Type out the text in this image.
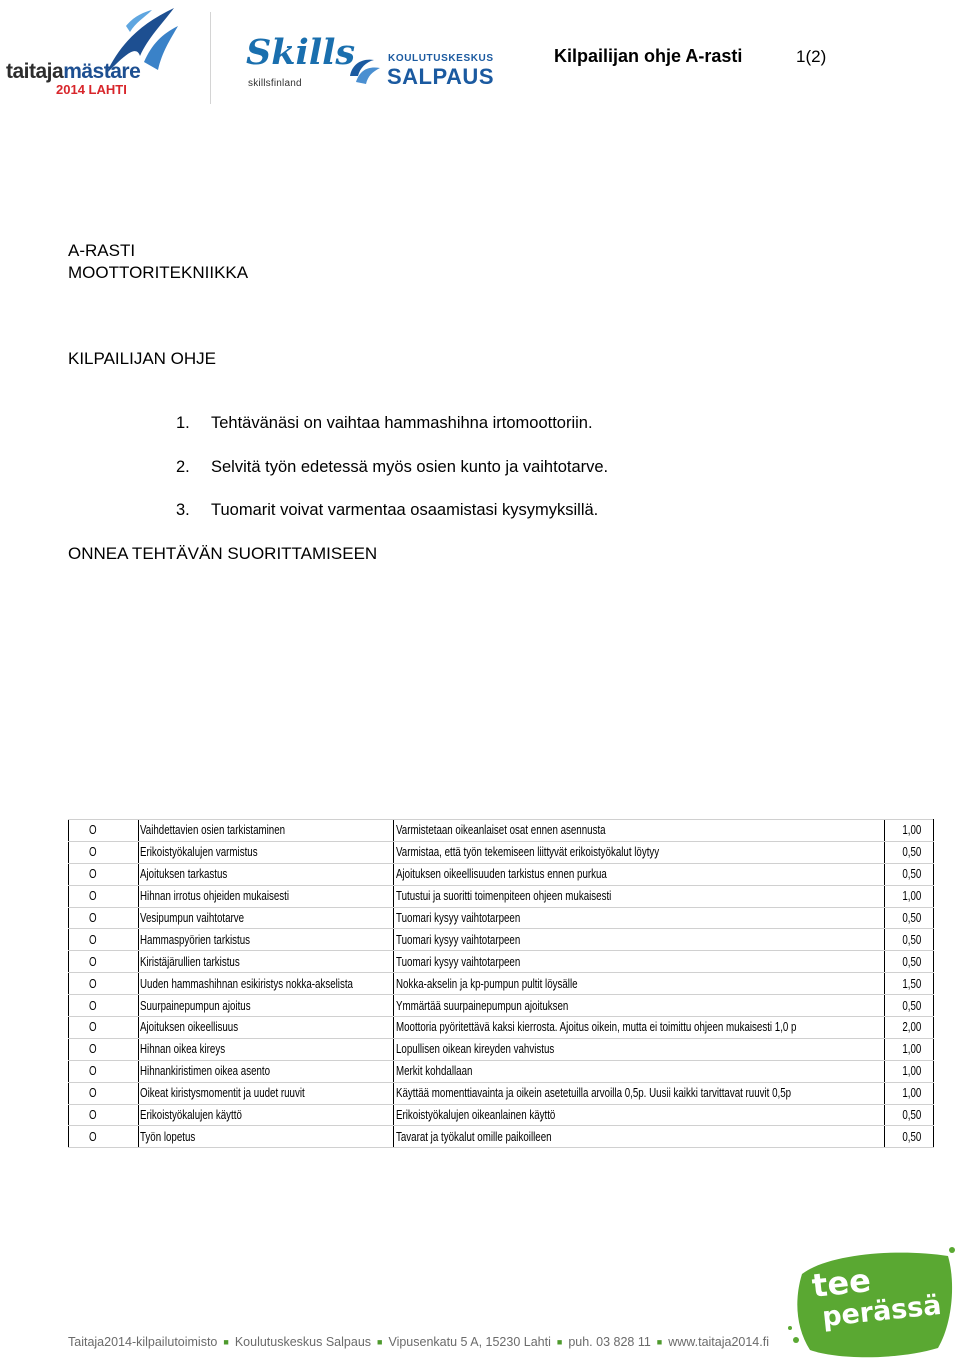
taitajamästare
2014 LAHTI
Skills
skillsfinland
KOULUTUSKESKUS
SALPAUS
Kilpailijan ohje A-rasti	1(2)
A-RASTI
MOOTTORITEKNIIKKA
KILPAILIJAN OHJE
1. Tehtävänäsi on vaihtaa hammashihna irtomoottoriin.
2. Selvitä työn edetessä myös osien kunto ja vaihtotarve.
3. Tuomarit voivat varmentaa osaamistasi kysymyksillä.
ONNEA TEHTÄVÄN SUORITTAMISEEN
O	Vaihdettavien osien tarkistaminen	Varmistetaan oikeanlaiset osat ennen asennusta	1,00
O	Erikoistyökalujen varmistus	Varmistaa, että työn tekemiseen liittyvät erikoistyökalut löytyy	0,50
O	Ajoituksen tarkastus	Ajoituksen oikeellisuuden tarkistus ennen purkua	0,50
O	Hihnan irrotus ohjeiden mukaisesti	Tutustui ja suoritti toimenpiteen ohjeen mukaisesti	1,00
O	Vesipumpun vaihtotarve	Tuomari kysyy vaihtotarpeen	0,50
O	Hammaspyörien tarkistus	Tuomari kysyy vaihtotarpeen	0,50
O	Kiristäjärullien tarkistus	Tuomari kysyy vaihtotarpeen	0,50
O	Uuden hammashihnan esikiristys nokka-akselista	Nokka-akselin ja kp-pumpun pultit löysälle	1,50
O	Suurpainepumpun ajoitus	Ymmärtää suurpainepumpun ajoituksen	0,50
O	Ajoituksen oikeellisuus	Moottoria pyöritettävä kaksi kierrosta. Ajoitus oikein, mutta ei toimittu ohjeen mukaisesti 1,0 p	2,00
O	Hihnan oikea kireys	Lopullisen oikean kireyden vahvistus	1,00
O	Hihnankiristimen oikea asento	Merkit kohdallaan	1,00
O	Oikeat kiristysmomentit ja uudet ruuvit	Käyttää momenttiavainta ja oikein asetetuilla arvoilla 0,5p. Uusii kaikki tarvittavat ruuvit 0,5p	1,00
O	Erikoistyökalujen käyttö	Erikoistyökalujen oikeanlainen käyttö	0,50
O	Työn lopetus	Tavarat ja työkalut omille paikoilleen	0,50
Taitaja2014-kilpailutoimisto ■ Koulutuskeskus Salpaus ■ Vipusenkatu 5 A, 15230 Lahti ■ puh. 03 828 11 ■ www.taitaja2014.fi
tee
perässä
